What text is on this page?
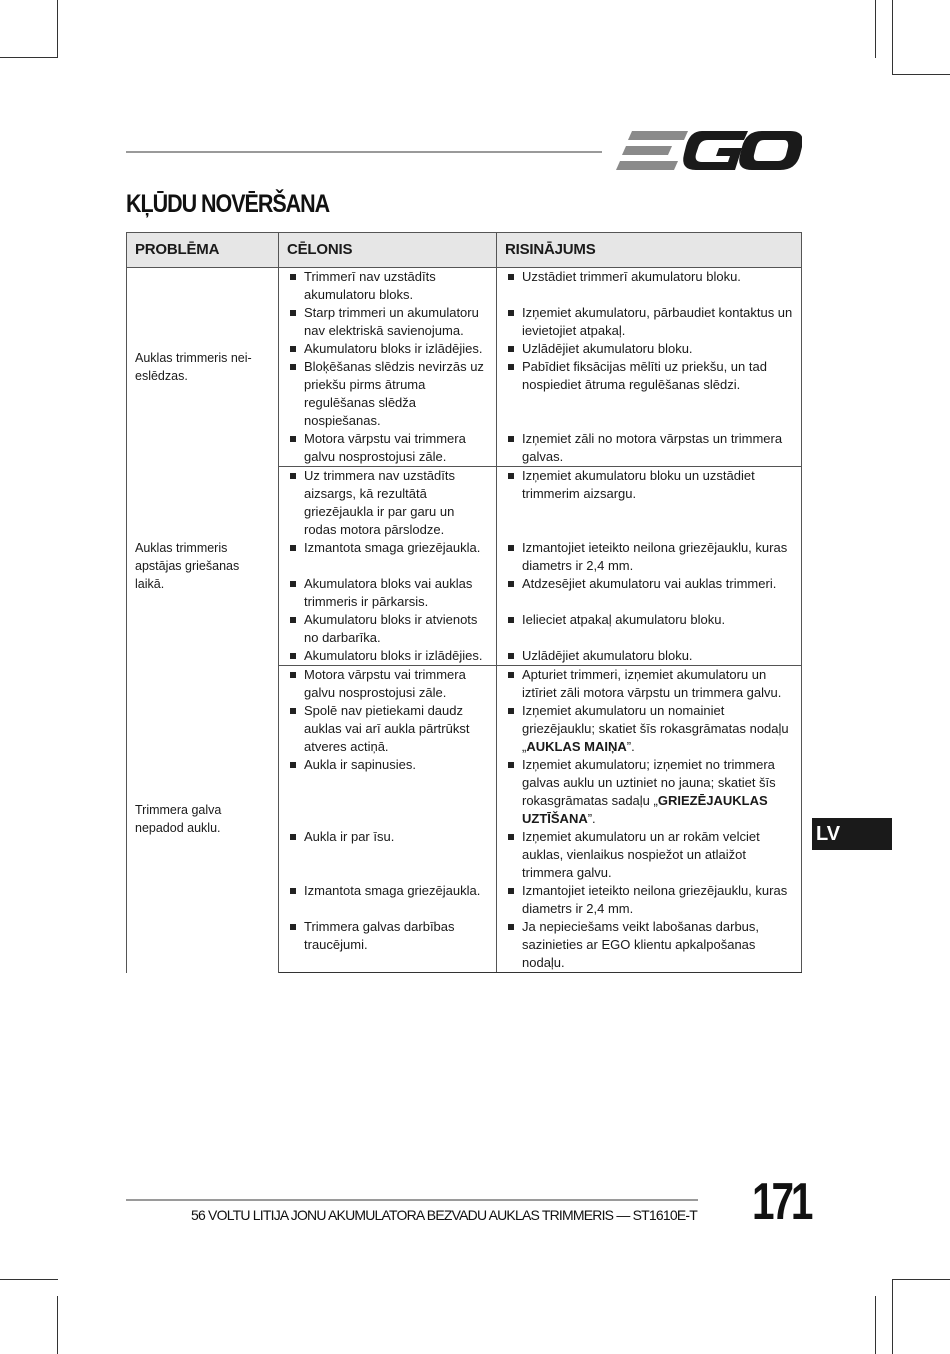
KĻŪDU NOVĒRŠANA
PROBLĒMA	CĒLONIS	RISINĀJUMS
Auklas trimmeris nei-eslēdzas.	Trimmerī nav uzstādīts akumulatoru bloks.	Uzstādiet trimmerī akumulatoru bloku.

	Starp trimmeri un akumulatoru nav elektriskā savienojuma.	Izņemiet akumulatoru, pārbaudiet kontaktus un ievietojiet atpakaļ.

	Akumulatoru bloks ir izlādējies.	Uzlādējiet akumulatoru bloku.

	Bloķēšanas slēdzis nevirzās uz priekšu pirms ātruma regulēšanas slēdža nospiešanas.	Pabīdiet fiksācijas mēlīti uz priekšu, un tad nospiediet ātruma regulēšanas slēdzi.

	Motora vārpstu vai trimmera galvu nosprostojusi zāle.	Izņemiet zāli no motora vārpstas un trimmera galvas.

Auklas trimmeris apstājas griešanas laikā.	Uz trimmera nav uzstādīts aizsargs, kā rezultātā griezējaukla ir par garu un rodas motora pārslodze.	Izņemiet akumulatoru bloku un uzstādiet trimmerim aizsargu.

	Izmantota smaga griezējaukla.	Izmantojiet ieteikto neilona griezējauklu, kuras diametrs ir 2,4 mm.

	Akumulatora bloks vai auklas trimmeris ir pārkarsis.	Atdzesējiet akumulatoru vai auklas trimmeri.

	Akumulatoru bloks ir atvienots no darbarīka.	Ielieciet atpakaļ akumulatoru bloku.

	Akumulatoru bloks ir izlādējies.	Uzlādējiet akumulatoru bloku.

Trimmera galva nepadod auklu.	Motora vārpstu vai trimmera galvu nosprostojusi zāle.	Apturiet trimmeri, izņemiet akumulatoru un iztīriet zāli motora vārpstu un trimmera galvu.

	Spolē nav pietiekami daudz auklas vai arī aukla pārtrūkst atveres actiņā.	Izņemiet akumulatoru un nomainiet griezējauklu; skatiet šīs rokasgrāmatas nodaļu „AUKLAS MAIŅA”.

	Aukla ir sapinusies.	Izņemiet akumulatoru; izņemiet no trimmera galvas auklu un uztiniet no jauna; skatiet šīs rokasgrāmatas sadaļu „GRIEZĒJAUKLAS UZTĪŠANA”.

	Aukla ir par īsu.	Izņemiet akumulatoru un ar rokām velciet auklas, vienlaikus nospiežot un atlaižot trimmera galvu.

	Izmantota smaga griezējaukla.	Izmantojiet ieteikto neilona griezējauklu, kuras diametrs ir 2,4 mm.

	Trimmera galvas darbības traucējumi.	Ja nepieciešams veikt labošanas darbus, sazinieties ar EGO klientu apkalpošanas nodaļu.
LV
56 VOLTU LITIJA JONU AKUMULATORA BEZVADU AUKLAS TRIMMERIS — ST1610E-T 171
